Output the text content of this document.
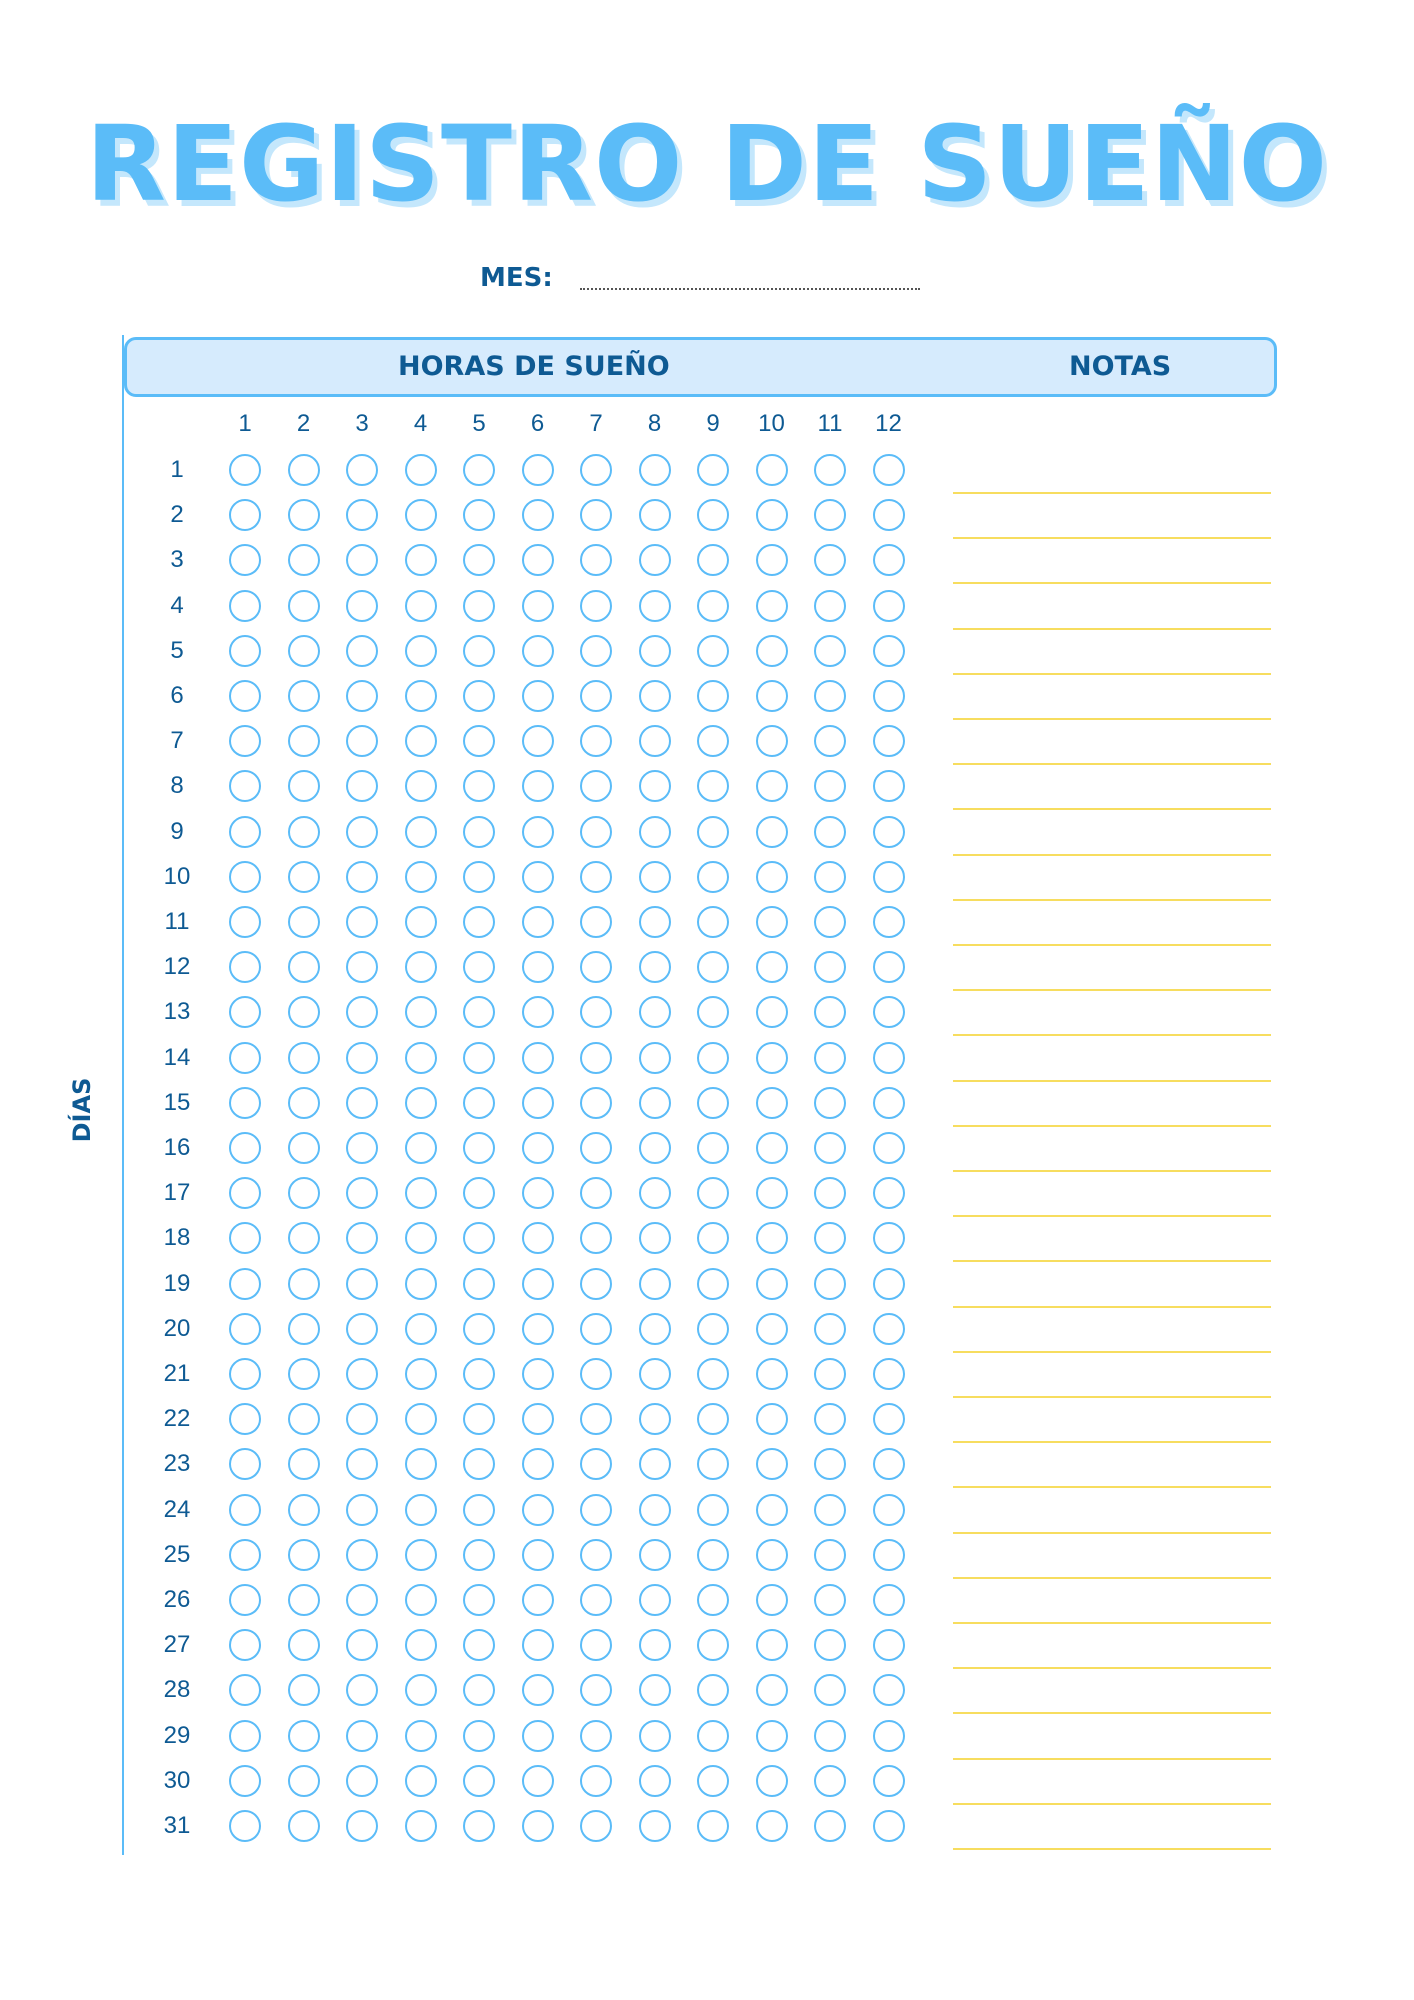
REGISTRO DE SUEÑO
MES:
HORAS DE SUEÑO	NOTAS
DÍAS
1	2	3	4	5	6	7	8	9	10	11	12
1
2
3
4
5
6
7
8
9
10
11
12
13
14
15
16
17
18
19
20
21
22
23
24
25
26
27
28
29
30
31
